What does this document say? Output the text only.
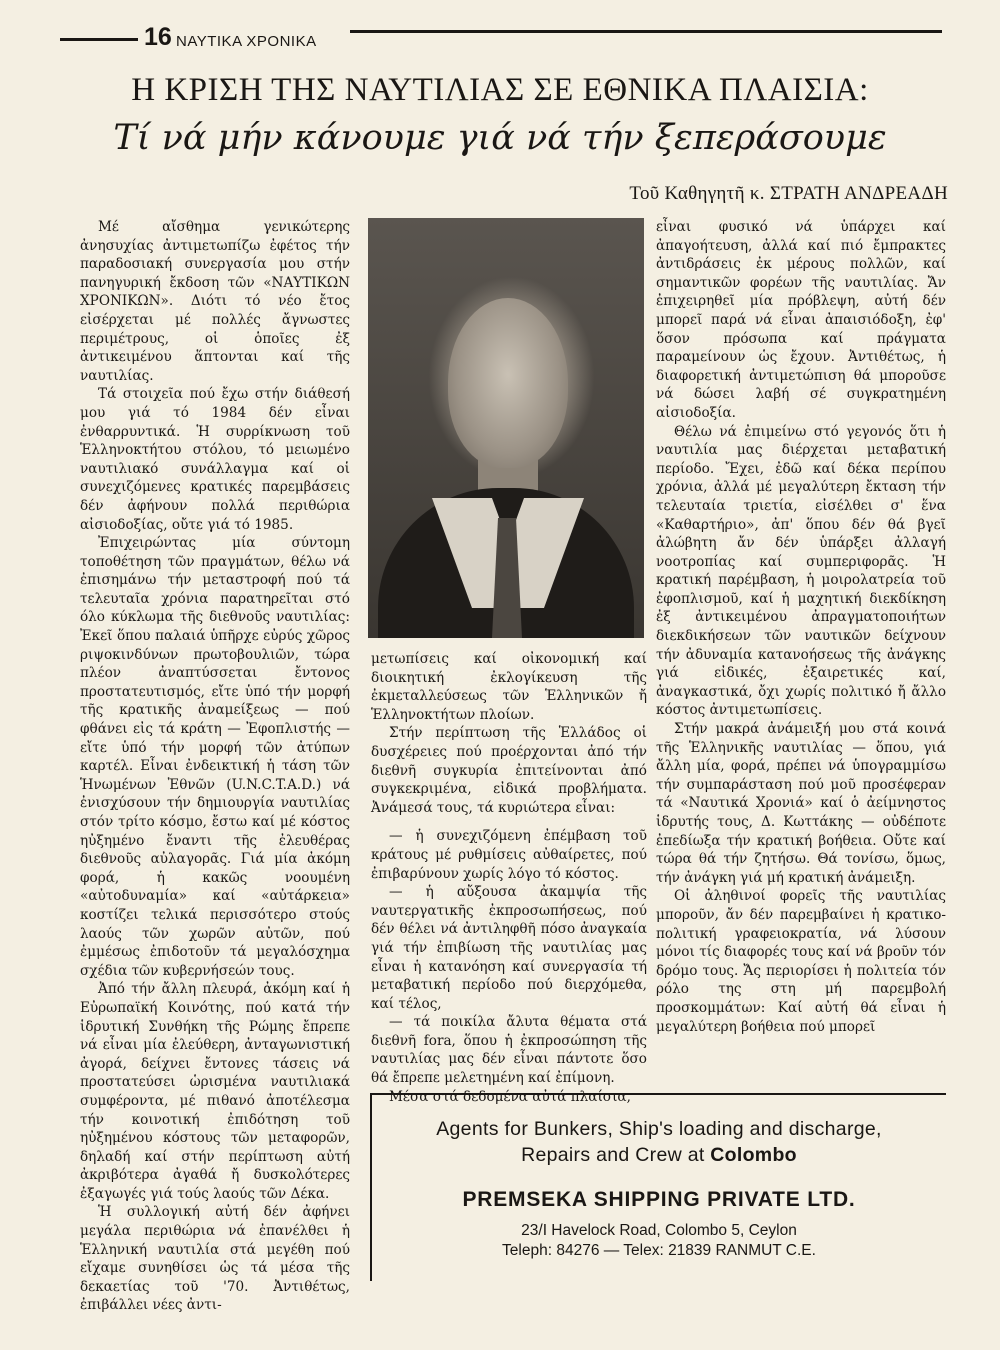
16 ΝΑΥΤΙΚΑ ΧΡΟΝΙΚΑ
Η ΚΡΙΣΗ ΤΗΣ ΝΑΥΤΙΛΙΑΣ ΣΕ ΕΘΝΙΚΑ ΠΛΑΙΣΙΑ:
Τί νά μήν κάνουμε γιά νά τήν ξεπεράσουμε
Τοῦ Καθηγητῆ κ. ΣΤΡΑΤΗ ΑΝΔΡΕΑΔΗ

Μέ αἴσθημα γενικώτερης ἀνησυχίας ἀντιμετωπίζω ἐφέτος τήν παραδοσιακή συνεργασία μου στήν πανηγυρική ἔκδοση τῶν «ΝΑΥΤΙΚΩΝ ΧΡΟΝΙΚΩΝ». Διότι τό νέο ἔτος εἰσέρχεται μέ πολλές ἄγνωστες περιμέτρους, οἱ ὁποῖες ἐξ ἀντικειμένου ἅπτονται καί τῆς ναυτιλίας.

Τά στοιχεῖα πού ἔχω στήν διάθεσή μου γιά τό 1984 δέν εἶναι ἐνθαρρυντικά. Ἡ συρρίκνωση τοῦ Ἑλληνοκτήτου στόλου, τό μειωμένο ναυτιλιακό συνάλλαγμα καί οἱ συνεχιζόμενες κρατικές παρεμβάσεις δέν ἀφήνουν πολλά περιθώρια αἰσιοδοξίας, οὔτε γιά τό 1985.

Ἐπιχειρώντας μία σύντομη τοποθέτηση τῶν πραγμάτων, θέλω νά ἐπισημάνω τήν μεταστροφή πού τά τελευταῖα χρόνια παρατηρεῖται στό όλο κύκλωμα τῆς διεθνοῦς ναυτιλίας: Ἐκεῖ ὅπου παλαιά ὑπῆρχε εὐρύς χῶρος ριψοκινδύνων πρωτοβουλιῶν, τώρα πλέον ἀναπτύσσεται ἔντονος προστατευτισμός, εἴτε ὑπό τήν μορφή τῆς κρατικῆς ἀναμείξεως — πού φθάνει εἰς τά κράτη — Ἐφοπλιστής — εἴτε ὑπό τήν μορφή τῶν ἀτύπων καρτέλ. Εἶναι ἐνδεικτική ἡ τάση τῶν Ἡνωμένων Ἐθνῶν (U.N.C.T.A.D.) νά ἐνισχύσουν τήν δημιουργία ναυτιλίας στόν τρίτο κόσμο, ἔστω καί μέ κόστος ηὐξημένο ἔναντι τῆς ἐλευθέρας διεθνοῦς αὐλαγορᾶς. Γιά μία ἀκόμη φορά, ἡ κακῶς νοουμένη «αὐτοδυναμία» καί «αὐτάρκεια» κοστίζει τελικά περισσότερο στούς λαούς τῶν χωρῶν αὐτῶν, πού ἐμμέσως ἐπιδοτοῦν τά μεγαλόσχημα σχέδια τῶν κυβερνήσεών τους.

Ἀπό τήν ἄλλη πλευρά, ἀκόμη καί ἡ Εὐρωπαϊκή Κοινότης, πού κατά τήν ἱδρυτική Συνθήκη τῆς Ρώμης ἔπρεπε νά εἶναι μία ἐλεύθερη, ἀνταγωνιστική ἀγορά, δείχνει ἔντονες τάσεις νά προστατεύσει ὡρισμένα ναυτιλιακά συμφέροντα, μέ πιθανό ἀποτέλεσμα τήν κοινοτική ἐπιδότηση τοῦ ηὐξημένου κόστους τῶν μεταφορῶν, δηλαδή καί στήν περίπτωση αὐτή ἀκριβότερα ἀγαθά ἤ δυσκολότερες ἐξαγωγές γιά τούς λαούς τῶν Δέκα.

Ἡ συλλογική αὐτή δέν ἀφήνει μεγάλα περιθώρια νά ἐπανέλθει ἡ Ἑλληνική ναυτιλία στά μεγέθη πού εἴχαμε συνηθίσει ὡς τά μέσα τῆς δεκαετίας τοῦ '70. Ἀντιθέτως, ἐπιβάλλει νέες ἀντι-

μετωπίσεις καί οἰκονομική καί διοικητική ἐκλογίκευση τῆς ἐκμεταλλεύσεως τῶν Ἑλληνικῶν ἤ Ἑλληνοκτήτων πλοίων.

Στήν περίπτωση τῆς Ἑλλάδος οἱ δυσχέρειες πού προέρχονται ἀπό τήν διεθνῆ συγκυρία ἐπιτείνονται ἀπό συγκεκριμένα, εἰδικά προβλήματα. Ἀνάμεσά τους, τά κυριώτερα εἶναι:

— ἡ συνεχιζόμενη ἐπέμβαση τοῦ κράτους μέ ρυθμίσεις αὐθαίρετες, πού ἐπιβαρύνουν χωρίς λόγο τό κόστος.

— ἡ αὔξουσα ἀκαμψία τῆς ναυτεργατικῆς ἐκπροσωπήσεως, πού δέν θέλει νά ἀντιληφθῆ πόσο ἀναγκαία γιά τήν ἐπιβίωση τῆς ναυτιλίας μας εἶναι ἡ κατανόηση καί συνεργασία τή μεταβατική περίοδο πού διερχόμεθα, καί τέλος,

— τά ποικίλα ἄλυτα θέματα στά διεθνῆ fora, ὅπου ἡ ἐκπροσώπηση τῆς ναυτιλίας μας δέν εἶναι πάντοτε ὅσο θά ἔπρεπε μελετημένη καί ἐπίμονη.

Μέσα στά δεδομένα αὐτά πλαίσια,

εἶναι φυσικό νά ὑπάρχει καί ἀπαγοήτευση, ἀλλά καί πιό ἔμπρακτες ἀντιδράσεις ἐκ μέρους πολλῶν, καί σημαντικῶν φορέων τῆς ναυτιλίας. Ἄν ἐπιχειρηθεῖ μία πρόβλεψη, αὐτή δέν μπορεῖ παρά νά εἶναι ἀπαισιόδοξη, ἐφ' ὅσον πρόσωπα καί πράγματα παραμείνουν ὡς ἔχουν. Ἀντιθέτως, ἡ διαφορετική ἀντιμετώπιση θά μποροῦσε νά δώσει λαβή σέ συγκρατημένη αἰσιοδοξία.

Θέλω νά ἐπιμείνω στό γεγονός ὅτι ἡ ναυτιλία μας διέρχεται μεταβατική περίοδο. Ἔχει, ἐδῶ καί δέκα περίπου χρόνια, ἀλλά μέ μεγαλύτερη ἔκταση τήν τελευταία τριετία, εἰσέλθει σ' ἕνα «Καθαρτήριο», ἀπ' ὅπου δέν θά βγεῖ ἀλώβητη ἄν δέν ὑπάρξει ἀλλαγή νοοτροπίας καί συμπεριφορᾶς. Ἡ κρατική παρέμβαση, ἡ μοιρολατρεία τοῦ ἐφοπλισμοῦ, καί ἡ μαχητική διεκδίκηση ἐξ ἀντικειμένου ἀπραγματοποιήτων διεκδικήσεων τῶν ναυτικῶν δείχνουν τήν ἀδυναμία κατανοήσεως τῆς ἀνάγκης γιά εἰδικές, ἐξαιρετικές καί, ἀναγκαστικά, ὄχι χωρίς πολιτικό ἤ ἄλλο κόστος ἀντιμετωπίσεις.

Στήν μακρά ἀνάμειξή μου στά κοινά τῆς Ἑλληνικῆς ναυτιλίας — ὅπου, γιά ἄλλη μία, φορά, πρέπει νά ὑπογραμμίσω τήν συμπαράσταση πού μοῦ προσέφεραν τά «Ναυτικά Χρονιά» καί ὁ ἀείμνηστος ἱδρυτής τους, Δ. Κωττάκης — οὐδέποτε ἐπεδίωξα τήν κρατική βοήθεια. Οὔτε καί τώρα θά τήν ζητήσω. Θά τονίσω, ὅμως, τήν ἀνάγκη γιά μή κρατική ἀνάμειξη.

Οἱ ἀληθινοί φορεῖς τῆς ναυτιλίας μποροῦν, ἄν δέν παρεμβαίνει ἡ κρατικο-πολιτική γραφειοκρατία, νά λύσουν μόνοι τίς διαφορές τους καί νά βροῦν τόν δρόμο τους. Ἄς περιορίσει ἡ πολιτεία τόν ρόλο της στη μή παρεμβολή προσκομμάτων: Καί αὐτή θά εἶναι ἡ μεγαλύτερη βοήθεια πού μπορεῖ

Agents for Bunkers, Ship's loading and discharge,
Repairs and Crew at Colombo
PREMSEKA SHIPPING PRIVATE LTD.
23/I Havelock Road, Colombo 5, Ceylon
Teleph: 84276 — Telex: 21839 RANMUT C.E.
